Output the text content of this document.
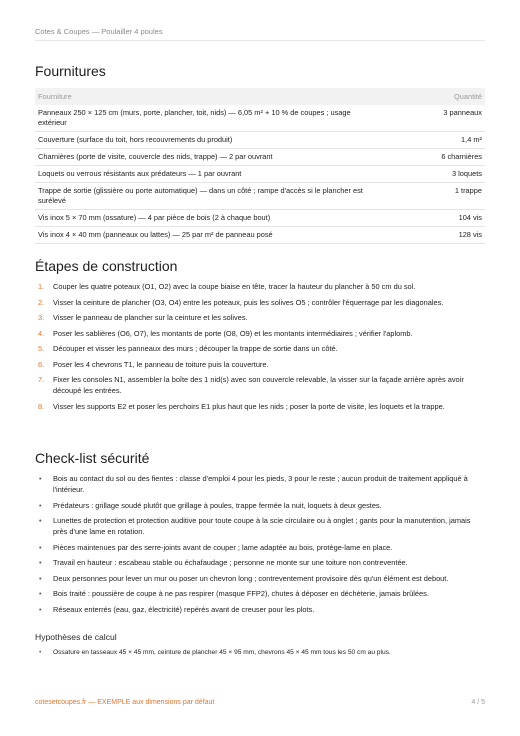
Cotes & Coupes — Poulailler 4 poules
Fournitures
Fourniture	Quantité
Panneaux 250 × 125 cm (murs, porte, plancher, toit, nids) — 6,05 m² + 10 % de coupes ; usage extérieur	3 panneaux
Couverture (surface du toit, hors recouvrements du produit)	1,4 m²
Charnières (porte de visite, couvercle des nids, trappe) — 2 par ouvrant	6 charnières
Loquets ou verrous résistants aux prédateurs — 1 par ouvrant	3 loquets
Trappe de sortie (glissière ou porte automatique) — dans un côté ; rampe d'accès si le plancher est surélevé	1 trappe
Vis inox 5 × 70 mm (ossature) — 4 par pièce de bois (2 à chaque bout)	104 vis
Vis inox 4 × 40 mm (panneaux ou lattes) — 25 par m² de panneau posé	128 vis
Étapes de construction
1. Couper les quatre poteaux (O1, O2) avec la coupe biaise en tête, tracer la hauteur du plancher à 50 cm du sol.
2. Visser la ceinture de plancher (O3, O4) entre les poteaux, puis les solives O5 ; contrôler l'équerrage par les diagonales.
3. Visser le panneau de plancher sur la ceinture et les solives.
4. Poser les sablières (O6, O7), les montants de porte (O8, O9) et les montants intermédiaires ; vérifier l'aplomb.
5. Découper et visser les panneaux des murs ; découper la trappe de sortie dans un côté.
6. Poser les 4 chevrons T1, le panneau de toiture puis la couverture.
7. Fixer les consoles N1, assembler la boîte des 1 nid(s) avec son couvercle relevable, la visser sur la façade arrière après avoir découpé les entrées.
8. Visser les supports E2 et poser les perchoirs E1 plus haut que les nids ; poser la porte de visite, les loquets et la trappe.
Check-list sécurité
• Bois au contact du sol ou des fientes : classe d'emploi 4 pour les pieds, 3 pour le reste ; aucun produit de traitement appliqué à l'intérieur.
• Prédateurs : grillage soudé plutôt que grillage à poules, trappe fermée la nuit, loquets à deux gestes.
• Lunettes de protection et protection auditive pour toute coupe à la scie circulaire ou à onglet ; gants pour la manutention, jamais près d'une lame en rotation.
• Pièces maintenues par des serre-joints avant de couper ; lame adaptée au bois, protège-lame en place.
• Travail en hauteur : escabeau stable ou échafaudage ; personne ne monte sur une toiture non contreventée.
• Deux personnes pour lever un mur ou poser un chevron long ; contreventement provisoire dès qu'un élément est debout.
• Bois traité : poussière de coupe à ne pas respirer (masque FFP2), chutes à déposer en déchèterie, jamais brûlées.
• Réseaux enterrés (eau, gaz, électricité) repérés avant de creuser pour les plots.
Hypothèses de calcul
• Ossature en tasseaux 45 × 45 mm, ceinture de plancher 45 × 95 mm, chevrons 45 × 45 mm tous les 50 cm au plus.
cotesetcoupes.fr — EXEMPLE aux dimensions par défaut	4 / 5
